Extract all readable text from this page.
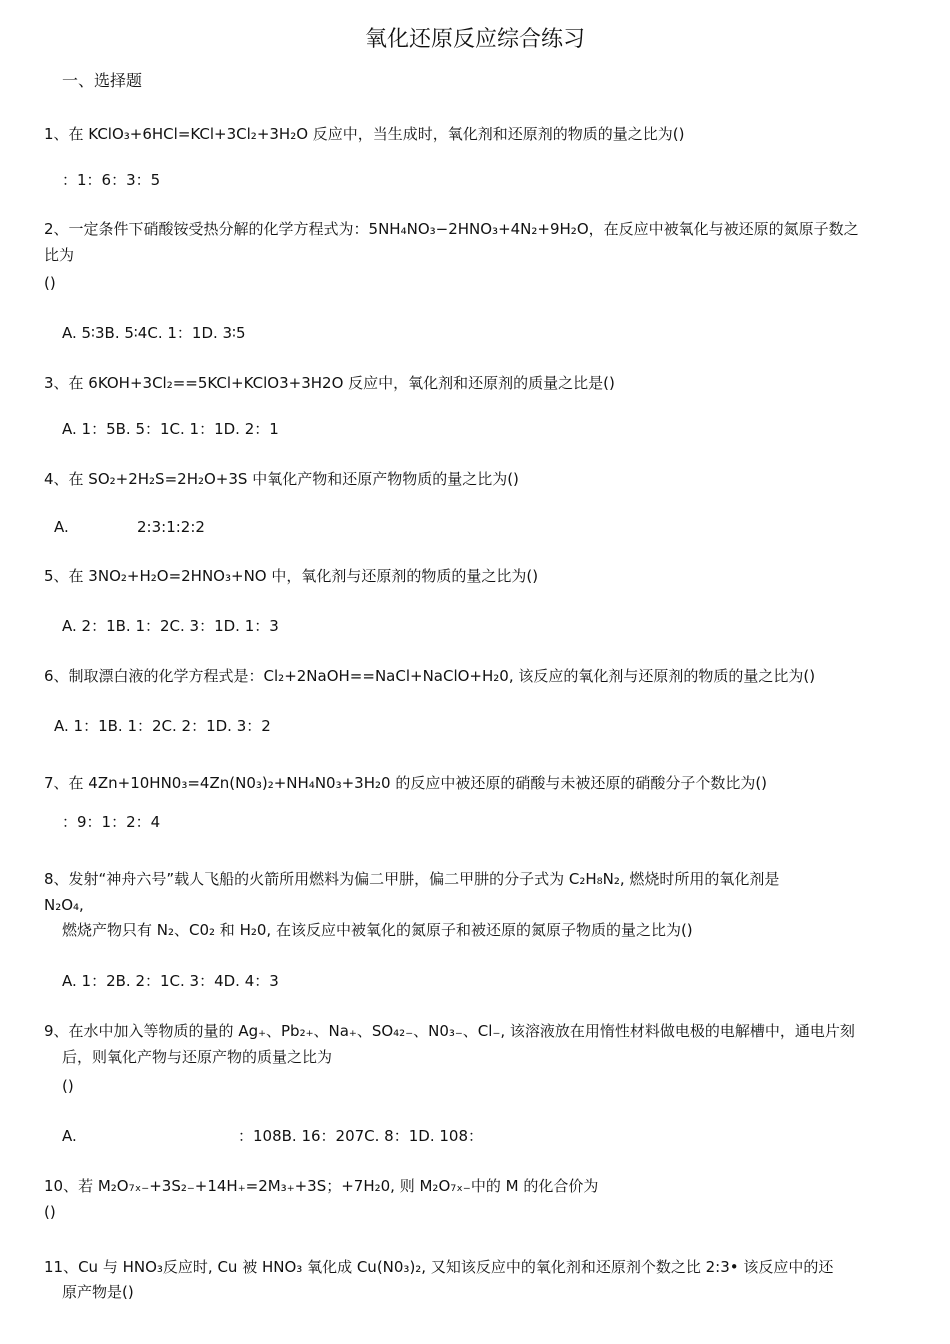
氧化还原反应综合练习
一、选择题
1、在 KClO₃+6HCl=KCl+3Cl₂+3H₂O 反应中，当生成时，氧化剂和还原剂的物质的量之比为()
：1：6：3：5
2、一定条件下硝酸铵受热分解的化学方程式为：5NH₄NO₃−2HNO₃+4N₂+9H₂O，在反应中被氧化与被还原的氮原子数之
比为
()
A. 5∶3B. 5∶4C. 1：1D. 3∶5
3、在 6KOH+3Cl₂==5KCl+KClO3+3H2O 反应中，氧化剂和还原剂的质量之比是()
A. 1：5B. 5：1C. 1：1D. 2：1
4、在 SO₂+2H₂S=2H₂O+3S 中氧化产物和还原产物物质的量之比为()
A.	2:3:1:2:2
5、在 3NO₂+H₂O=2HNO₃+NO 中，氧化剂与还原剂的物质的量之比为()
A. 2：1B. 1：2C. 3：1D. 1：3
6、制取漂白液的化学方程式是：Cl₂+2NaOH==NaCl+NaClO+H₂0, 该反应的氧化剂与还原剂的物质的量之比为()
A. 1：1B. 1：2C. 2：1D. 3：2
7、在 4Zn+10HN0₃=4Zn(N0₃)₂+NH₄N0₃+3H₂0 的反应中被还原的硝酸与未被还原的硝酸分子个数比为()
：9：1：2：4
8、发射“神舟六号”载人飞船的火箭所用燃料为偏二甲肼，偏二甲肼的分子式为 C₂H₈N₂, 燃烧时所用的氧化剂是
N₂O₄,
燃烧产物只有 N₂、C0₂ 和 H₂0, 在该反应中被氧化的氮原子和被还原的氮原子物质的量之比为()
A. 1：2B. 2：1C. 3：4D. 4：3
9、在水中加入等物质的量的 Ag₊、Pb₂₊、Na₊、SO₄₂₋、N0₃₋、Cl₋, 该溶液放在用惰性材料做电极的电解槽中，通电片刻
后，则氧化产物与还原产物的质量之比为
()
A.	：108B. 16：207C. 8：1D. 108：
10、若 M₂O₇ₓ₋+3S₂₋+14H₊=2M₃₊+3S；+7H₂0, 则 M₂O₇ₓ₋中的 M 的化合价为
()
11、Cu 与 HNO₃反应时, Cu 被 HNO₃ 氧化成 Cu(N0₃)₂, 又知该反应中的氧化剂和还原剂个数之比 2:3• 该反应中的还
原产物是()
